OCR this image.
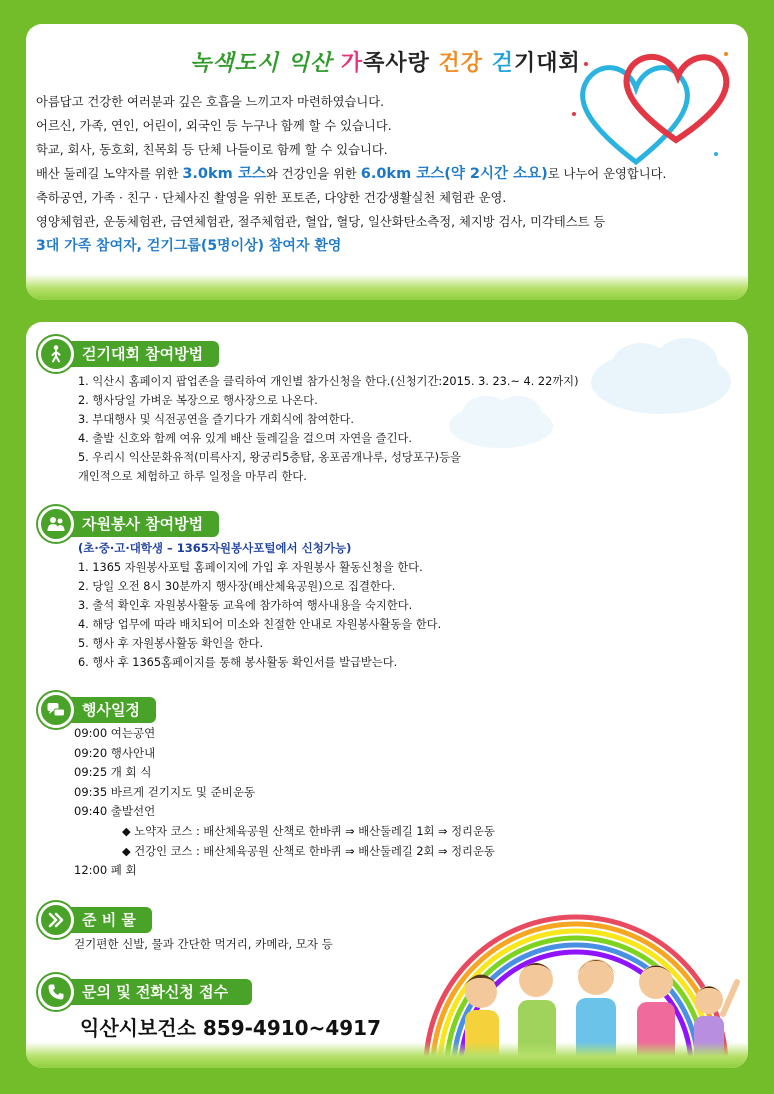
녹색도시 익산 가족사랑 건강 걷기대회

아름답고 건강한 여러분과 깊은 호흡을 느끼고자 마련하였습니다.

어르신, 가족, 연인, 어린이, 외국인 등 누구나 함께 할 수 있습니다.

학교, 회사, 동호회, 친목회 등 단체 나들이로 함께 할 수 있습니다.

배산 둘레길 노약자를 위한 3.0km 코스와 건강인을 위한 6.0km 코스(약 2시간 소요)로 나누어 운영합니다.

축하공연, 가족 · 친구 · 단체사진 촬영을 위한 포토존, 다양한 건강생활실천 체험관 운영.

영양체험관, 운동체험관, 금연체험관, 절주체험관, 혈압, 혈당, 일산화탄소측정, 체지방 검사, 미각테스트 등

3대 가족 참여자, 걷기그룹(5명이상) 참여자 환영

걷기대회 참여방법
1. 익산시 홈페이지 팝업존을 클릭하여 개인별 참가신청을 한다.(신청기간:2015. 3. 23.~ 4. 22까지)
2. 행사당일 가벼운 복장으로 행사장으로 나온다.
3. 부대행사 및 식전공연을 즐기다가 개회식에 참여한다.
4. 출발 신호와 함께 여유 있게 배산 둘레길을 걸으며 자연을 즐긴다.
5. 우리시 익산문화유적(미륵사지, 왕궁리5층탑, 옹포곰개나루, 성당포구)등을
개인적으로 체험하고 하루 일정을 마무리 한다.
자원봉사 참여방법
(초·중·고·대학생 – 1365자원봉사포털에서 신청가능)
1. 1365 자원봉사포털 홈페이지에 가입 후 자원봉사 활동신청을 한다.
2. 당일 오전 8시 30분까지 행사장(배산체육공원)으로 집결한다.
3. 출석 확인후 자원봉사활동 교육에 참가하여 행사내용을 숙지한다.
4. 해당 업무에 따라 배치되어 미소와 친절한 안내로 자원봉사활동을 한다.
5. 행사 후 자원봉사활동 확인을 한다.
6. 행사 후 1365홈페이지를 통해 봉사활동 확인서를 발급받는다.
행사일정
09:00 여는공연
09:20 행사안내
09:25 개 회 식
09:35 바르게 걷기지도 및 준비운동
09:40 출발선언
◆ 노약자 코스 : 배산체육공원 산책로 한바퀴 ⇒ 배산둘레길 1회 ⇒ 정리운동
◆ 건강인 코스 : 배산체육공원 산책로 한바퀴 ⇒ 배산둘레길 2회 ⇒ 정리운동
12:00 폐 회
준 비 물
걷기편한 신발, 물과 간단한 먹거리, 카메라, 모자 등
문의 및 전화신청 접수
익산시보건소 859-4910~4917
